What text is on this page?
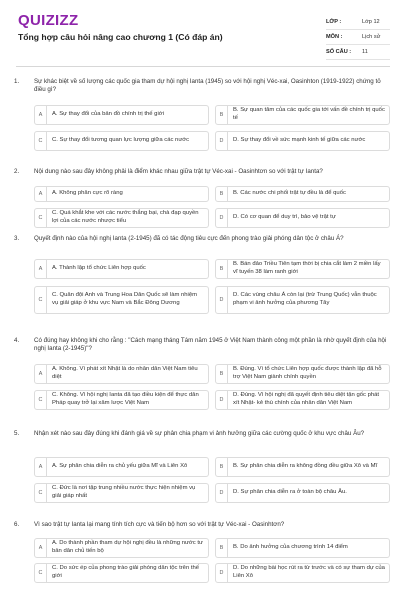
QUIZIZZ
Tổng hợp câu hỏi nâng cao chương 1 (Có đáp án)
LỚP :	Lớp 12
MÔN :	Lịch sử
SỐ CÂU :	11
1. Sự khác biệt về số lượng các quốc gia tham dự hội nghị Ianta (1945) so với hội nghị Véc-xai, Oasinhton (1919-1922) chứng tỏ điều gì?
A	A. Sự thay đổi của bản đồ chính trị thế giới	B
B. Sự quan tâm của các quốc gia tới vấn đề chính trị quốc tế
C	C. Sự thay đổi tương quan lực lượng giữa các nước	D	D. Sự thay đổi về sức mạnh kinh tế giữa các nước
2. Nội dung nào sau đây không phải là điểm khác nhau giữa trật tự Véc-xai - Oasinhtơn so với trật tự Ianta?
A	A. Không phân cực rõ ràng	B	B. Các nước chi phối trật tự đều là để quốc
C
C. Quá khắt khe với các nước thắng bại, chà đạp quyền lợi của các nước nhược tiểu	D	D. Có cơ quan để duy trì, bảo vệ trật tự
3. Quyết định nào của hội nghị Ianta (2-1945) đã có tác động tiêu cực đến phong trào giải phóng dân tộc ở châu Á?
A	A. Thành lập tổ chức Liên hợp quốc	B
B. Bán đảo Triều Tiên tạm thời bị chia cắt làm 2 miền lấy vĩ tuyến 38 làm ranh giới
C
C. Quân đội Anh và Trung Hoa Dân Quốc sẽ làm nhiệm vụ giải giáp ở khu vực Nam và Bắc Đông Dương	D
D. Các vùng châu Á còn lại (trừ Trung Quốc) vẫn thuộc phạm vi ảnh hưởng của phương Tây
4. Có đúng hay không khi cho rằng : "Cách mạng tháng Tám năm 1945 ở Việt Nam thành công một phần là nhờ quyết định của hội nghị Ianta (2-1945)"?
A
A. Không. Vì phát xít Nhật là do nhân dân Việt Nam tiêu diệt	B
B. Đúng. Vì tổ chức Liên hợp quốc được thành lập đã hỗ trợ Việt Nam giành chính quyền
C
C. Không. Vì hội nghị Ianta đã tạo điều kiện để thực dân Pháp quay trở lại xâm lược Việt Nam	D
D. Đúng. Vì hội nghị đã quyết định tiêu diệt tận gốc phát xít Nhật- kẻ thù chính của nhân dân Việt Nam
5. Nhận xét nào sau đây đúng khi đánh giá về sự phân chia phạm vi ảnh hưởng giữa các cường quốc ở khu vực châu Âu?
A	A. Sự phân chia diễn ra chủ yếu giữa Mĩ và Liên Xô	B	B. Sự phân chia diễn ra không đồng đều giữa Xô và Mĩ
C
C. Đức là nơi tập trung nhiều nước thực hiện nhiệm vụ giải giáp nhất	D	D. Sự phân chia diễn ra ở toàn bộ châu Âu.
6. Vì sao trật tự Ianta lại mang tính tích cực và tiến bộ hơn so với trật tự Véc-xai - Oasinhtơn?
A
A. Do thành phần tham dự hội nghị đều là những nước tư bản dân chủ tiến bộ	B	B. Do ảnh hưởng của chương trình 14 điểm
C
C. Do sức ép của phong trào giải phóng dân tộc trên thế giới	D
D. Do những bài học rút ra từ trước và có sự tham dự của Liên Xô
